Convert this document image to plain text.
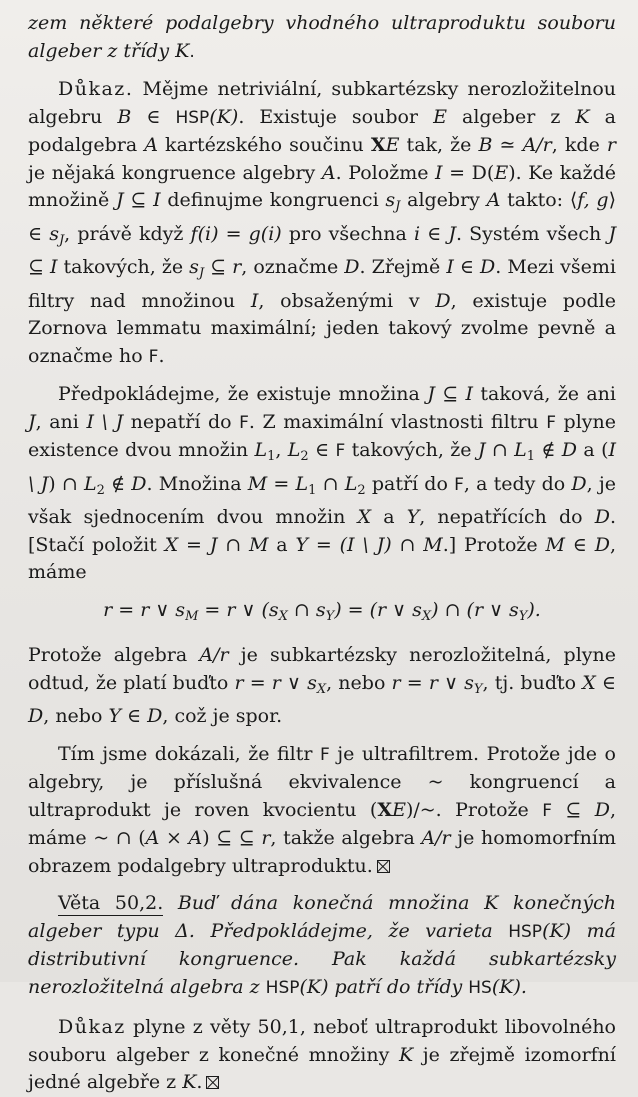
zem některé podalgebry vhodného ultraproduktu souboru algeber z třídy K.

Důkaz. Mějme netriviální, subkartézsky nerozložitelnou algebru B ∈ HSP(K). Existuje soubor E algeber z K a podalgebra A kartézského součinu XE tak, že B ≃ A/r, kde r je nějaká kongruence algebry A. Položme I = D(E). Ke každé množině J ⊆ I definujme kongruenci $s_J$ algebry A takto: ⟨f, g⟩ ∈ $s_J$, právě když f(i) = g(i) pro všechna i ∈ J. Systém všech J ⊆ I takových, že $s_J$ ⊆ r, označme D. Zřejmě I ∈ D. Mezi všemi filtry nad množinou I, obsaženými v D, existuje podle Zornova lemmatu maximální; jeden takový zvolme pevně a označme ho F.

Předpokládejme, že existuje množina J ⊆ I taková, že ani J, ani I \ J nepatří do F. Z maximální vlastnosti filtru F plyne existence dvou množin $L_1$, $L_2$ ∈ F takových, že J ∩ $L_1$ ∉ D a (I \ J) ∩ $L_2$ ∉ D. Množina $M = L_1$ ∩ $L_2$ patří do F, a tedy do D, je však sjednocením dvou množin X a Y, nepatřících do D. [Stačí položit X = J ∩ M a Y = (I \ J) ∩ M.] Protože M ∈ D, máme

r = r ∨ $s_M = r$ ∨ ($s_X$ ∩ $s_Y) = (r$ ∨ $s_X$) ∩ (r ∨ $s_Y$).

Protože algebra A/r je subkartézsky nerozložitelná, plyne odtud, že platí buďto r = r ∨ $s_X$, nebo r = r ∨ $s_Y$, tj. buďto X ∈ D, nebo Y ∈ D, což je spor.

Tím jsme dokázali, že filtr F je ultrafiltrem. Protože jde o algebry, je příslušná ekvivalence ~ kongruencí a ultraprodukt je roven kvocientu (XE)/~. Protože F ⊆ D, máme ~ ∩ (A × A) ⊆ ⊆ r, takže algebra A/r je homomorfním obrazem podalgebry ultraproduktu.

Věta 50,2. Buď dána konečná množina K konečných algeber typu Δ. Předpokládejme, že varieta HSP(K) má distributivní kongruence. Pak každá subkartézsky nerozložitelná algebra z HSP(K) patří do třídy HS(K).

Důkaz plyne z věty 50,1, neboť ultraprodukt libovolného souboru algeber z konečné množiny K je zřejmě izomorfní jedné algebře z K.
